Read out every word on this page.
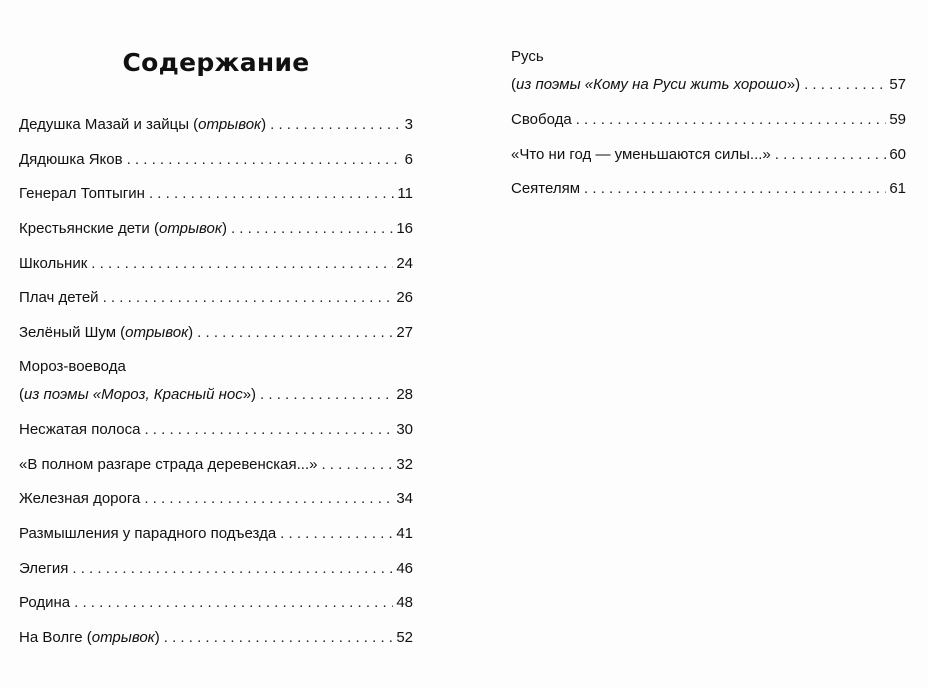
Содержание
Дедушка Мазай и зайцы (отрывок) . . .	3
Дядюшка Яков . . .	6
Генерал Топтыгин . . .	11
Крестьянские дети (отрывок) . . .	16
Школьник . . .	24
Плач детей . . .	26
Зелёный Шум (отрывок) . . .	27
Мороз-воевода
(из поэмы «Мороз, Красный нос») . . .	28
Несжатая полоса . . .	30
«В полном разгаре страда деревенская...» . . .	32
Железная дорога . . .	34
Размышления у парадного подъезда . . .	41
Элегия . . .	46
Родина . . .	48
На Волге (отрывок) . . .	52
Русь
(из поэмы «Кому на Руси жить хорошо») . . .	57
Свобода . . .	59
«Что ни год — уменьшаются силы...» . . .	60
Сеятелям . . .	61
